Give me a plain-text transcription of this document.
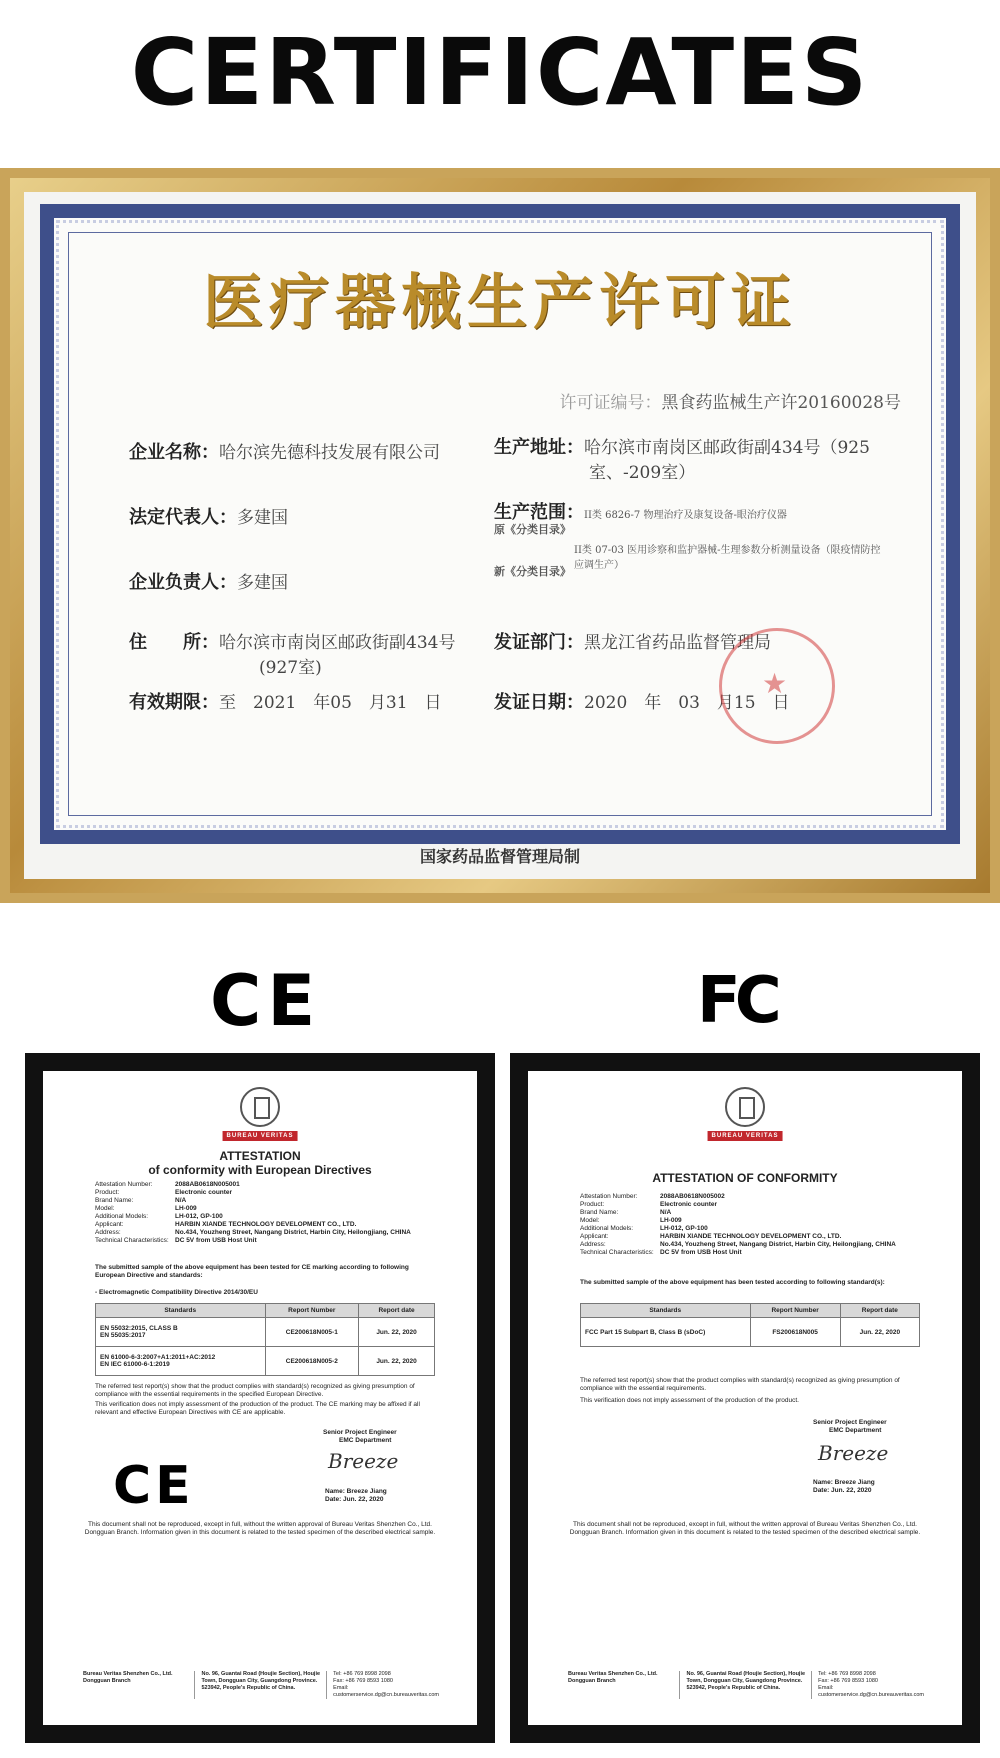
CERTIFICATES
医疗器械生产许可证
许可证编号：黑食药监械生产许20160028号
企业名称：哈尔滨先德科技发展有限公司
法定代表人：多建国
企业负责人：多建国
住　　所：哈尔滨市南岗区邮政街副434号
(927室)
有效期限：至　2021　年05　月31　日
生产地址：哈尔滨市南岗区邮政街副434号（925
室、-209室）
生产范围：II类 6826-7 物理治疗及康复设备-眼治疗仪器
原《分类目录》
II类 07-03 医用诊察和监护器械-生理参数分析测量设备（限疫情防控应调生产）
新《分类目录》
发证部门：黑龙江省药品监督管理局
发证日期：2020　年　03　月15　日
★
国家药品监督管理局制
CE	FC
BUREAU VERITAS
ATTESTATION
of conformity with European Directives
Attestation Number:	2088AB0618N005001
Product:	Electronic counter
Brand Name:	N/A
Model:	LH-009
Additional Models:	LH-012, GP-100
Applicant:	HARBIN XIANDE TECHNOLOGY DEVELOPMENT CO., LTD.
Address:	No.434, Youzheng Street, Nangang District, Harbin City, Heilongjiang, CHINA
Technical Characteristics: DC 5V from USB Host Unit
The submitted sample of the above equipment has been tested for CE marking according to following European Directive and standards:
- Electromagnetic Compatibility Directive 2014/30/EU
Standards	Report Number	Report date
EN 55032:2015, CLASS B
EN 55035:2017	CE200618N005-1	Jun. 22, 2020
EN 61000-6-3:2007+A1:2011+AC:2012
EN IEC 61000-6-1:2019	CE200618N005-2	Jun. 22, 2020
The referred test report(s) show that the product complies with standard(s) recognized as giving presumption of compliance with the essential requirements in the specified European Directive.
This verification does not imply assessment of the production of the product. The CE marking may be affixed if all relevant and effective European Directives with CE are applicable.
Senior Project Engineer
EMC Department
Breeze
CE	Name: Breeze Jiang
Date: Jun. 22, 2020
This document shall not be reproduced, except in full, without the written approval of Bureau Veritas Shenzhen Co., Ltd. Dongguan Branch. Information given in this document is related to the tested specimen of the described electrical sample.
Bureau Veritas Shenzhen Co., Ltd. Dongguan Branch
No. 96, Guantai Road (Houjie Section), Houjie Town, Dongguan City, Guangdong Province. 523942, People's Republic of China.
Tel: +86 769 8998 2098
Fax: +86 769 8593 1080
Email: customerservice.dg@cn.bureauveritas.com
BUREAU VERITAS
ATTESTATION OF CONFORMITY
Attestation Number:	2088AB0618N005002
Product:	Electronic counter
Brand Name:	N/A
Model:	LH-009
Additional Models:	LH-012, GP-100
Applicant:	HARBIN XIANDE TECHNOLOGY DEVELOPMENT CO., LTD.
Address:	No.434, Youzheng Street, Nangang District, Harbin City, Heilongjiang, CHINA
Technical Characteristics: DC 5V from USB Host Unit
The submitted sample of the above equipment has been tested according to following standard(s):
Standards	Report Number	Report date
FCC Part 15 Subpart B, Class B (sDoC)	FS200618N005	Jun. 22, 2020
The referred test report(s) show that the product complies with standard(s) recognized as giving presumption of compliance with the essential requirements.
This verification does not imply assessment of the production of the product.
Senior Project Engineer
EMC Department
Breeze
Name: Breeze Jiang
Date: Jun. 22, 2020
This document shall not be reproduced, except in full, without the written approval of Bureau Veritas Shenzhen Co., Ltd. Dongguan Branch. Information given in this document is related to the tested specimen of the described electrical sample.
Bureau Veritas Shenzhen Co., Ltd. Dongguan Branch
No. 96, Guantai Road (Houjie Section), Houjie Town, Dongguan City, Guangdong Province. 523942, People's Republic of China.
Tel: +86 769 8998 2098
Fax: +86 769 8593 1080
Email: customerservice.dg@cn.bureauveritas.com
